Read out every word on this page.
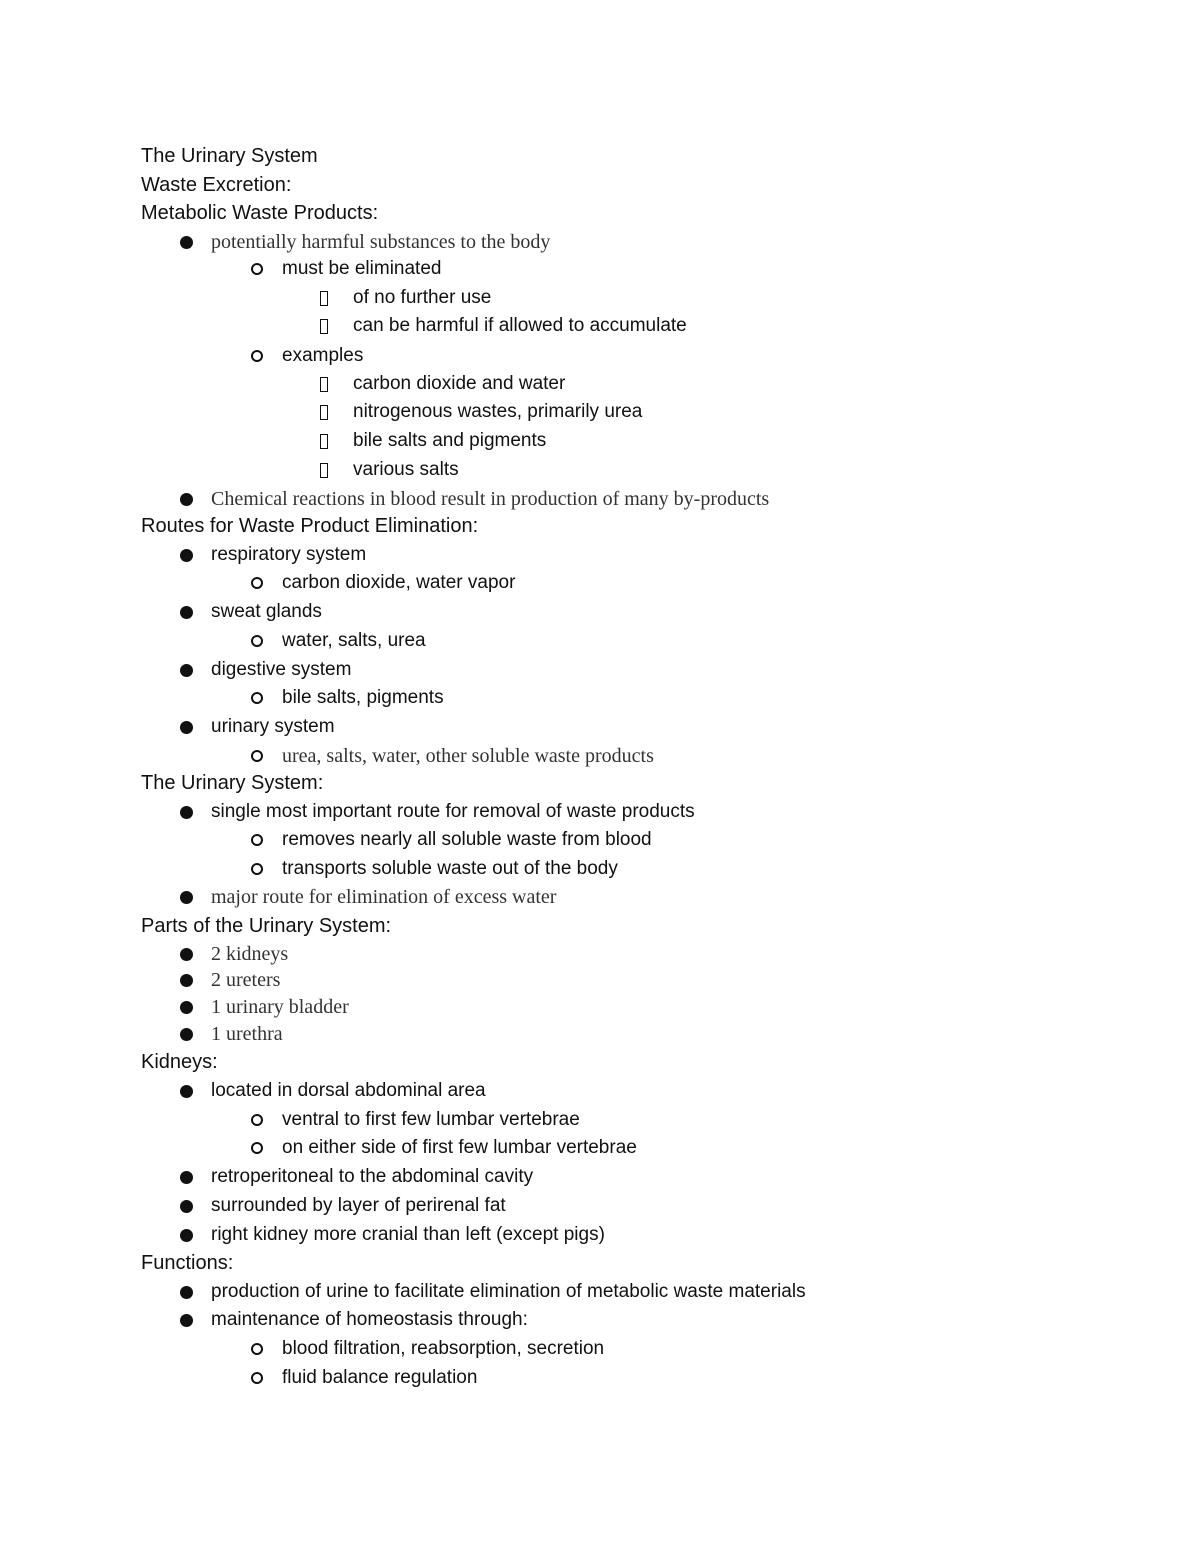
The Urinary System
Waste Excretion:
Metabolic Waste Products:
potentially harmful substances to the body
must be eliminated
of no further use
can be harmful if allowed to accumulate
examples
carbon dioxide and water
nitrogenous wastes, primarily urea
bile salts and pigments
various salts
Chemical reactions in blood result in production of many by-products
Routes for Waste Product Elimination:
respiratory system
carbon dioxide, water vapor
sweat glands
water, salts, urea
digestive system
bile salts, pigments
urinary system
urea, salts, water, other soluble waste products
The Urinary System:
single most important route for removal of waste products
removes nearly all soluble waste from blood
transports soluble waste out of the body
major route for elimination of excess water
Parts of the Urinary System:
2 kidneys
2 ureters
1 urinary bladder
1 urethra
Kidneys:
located in dorsal abdominal area
ventral to first few lumbar vertebrae
on either side of first few lumbar vertebrae
retroperitoneal to the abdominal cavity
surrounded by layer of perirenal fat
right kidney more cranial than left (except pigs)
Functions:
production of urine to facilitate elimination of metabolic waste materials
maintenance of homeostasis through:
blood filtration, reabsorption, secretion
fluid balance regulation
